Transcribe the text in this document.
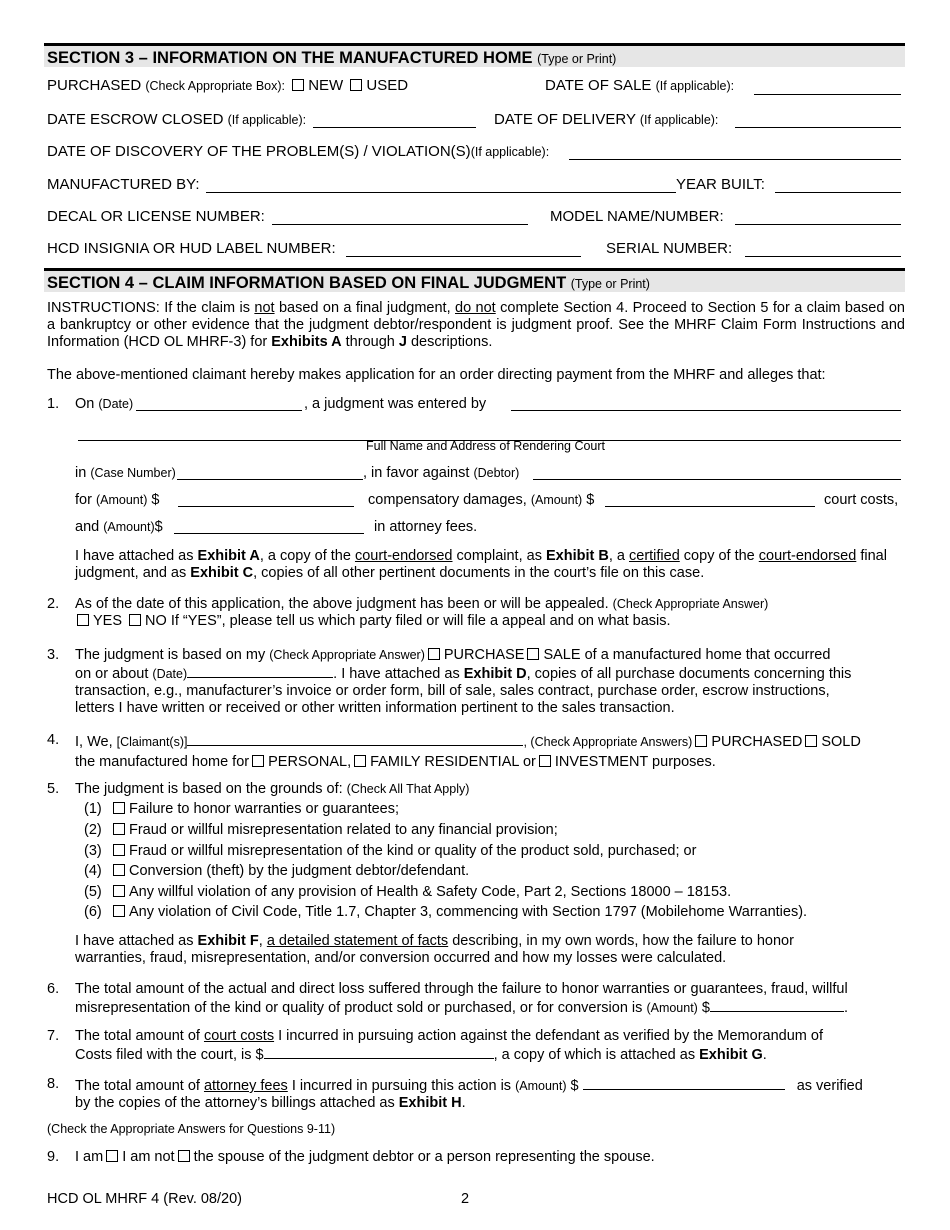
SECTION 3 – INFORMATION ON THE MANUFACTURED HOME (Type or Print)
PURCHASED (Check Appropriate Box): NEW USED	DATE OF SALE (If applicable):
DATE ESCROW CLOSED (If applicable):	DATE OF DELIVERY (If applicable):
DATE OF DISCOVERY OF THE PROBLEM(S) / VIOLATION(S)(If applicable):
MANUFACTURED BY:	YEAR BUILT:
DECAL OR LICENSE NUMBER:	MODEL NAME/NUMBER:
HCD INSIGNIA OR HUD LABEL NUMBER:	SERIAL NUMBER:
SECTION 4 – CLAIM INFORMATION BASED ON FINAL JUDGMENT (Type or Print)
INSTRUCTIONS: If the claim is not based on a final judgment, do not complete Section 4. Proceed to Section 5 for a claim based on a bankruptcy or other evidence that the judgment debtor/respondent is judgment proof. See the MHRF Claim Form Instructions and Information (HCD OL MHRF-3) for Exhibits A through J descriptions.
The above-mentioned claimant hereby makes application for an order directing payment from the MHRF and alleges that:
1. On (Date)	, a judgment was entered by
Full Name and Address of Rendering Court
in (Case Number)	, in favor against (Debtor)
for (Amount) $	compensatory damages, (Amount) $	court costs,
and (Amount)$	in attorney fees.
I have attached as Exhibit A, a copy of the court-endorsed complaint, as Exhibit B, a certified copy of the court-endorsed final judgment, and as Exhibit C, copies of all other pertinent documents in the court’s file on this case.
2. As of the date of this application, the above judgment has been or will be appealed. (Check Appropriate Answer)
YES NO If “YES”, please tell us which party filed or will file a appeal and on what basis.
3. The judgment is based on my (Check Appropriate Answer) PURCHASE SALE of a manufactured home that occurred
on or about (Date)	. I have attached as Exhibit D, copies of all purchase documents concerning this
transaction, e.g., manufacturer’s invoice or order form, bill of sale, sales contract, purchase order, escrow instructions,
letters I have written or received or other written information pertinent to the sales transaction.
4. I, We, [Claimant(s)]	, (Check Appropriate Answers) PURCHASED SOLD
the manufactured home for PERSONAL, FAMILY RESIDENTIAL or INVESTMENT purposes.
5. The judgment is based on the grounds of: (Check All That Apply)
(1) Failure to honor warranties or guarantees;
(2) Fraud or willful misrepresentation related to any financial provision;
(3) Fraud or willful misrepresentation of the kind or quality of the product sold, purchased; or
(4) Conversion (theft) by the judgment debtor/defendant.
(5) Any willful violation of any provision of Health & Safety Code, Part 2, Sections 18000 – 18153.
(6) Any violation of Civil Code, Title 1.7, Chapter 3, commencing with Section 1797 (Mobilehome Warranties).
I have attached as Exhibit F, a detailed statement of facts describing, in my own words, how the failure to honor
warranties, fraud, misrepresentation, and/or conversion occurred and how my losses were calculated.
6. The total amount of the actual and direct loss suffered through the failure to honor warranties or guarantees, fraud, willful
misrepresentation of the kind or quality of product sold or purchased, or for conversion is (Amount) $	.
7. The total amount of court costs I incurred in pursuing action against the defendant as verified by the Memorandum of
Costs filed with the court, is $	, a copy of which is attached as Exhibit G.
8. The total amount of attorney fees I incurred in pursuing this action is (Amount) $	as verified
by the copies of the attorney’s billings attached as Exhibit H.
(Check the Appropriate Answers for Questions 9-11)
9. I am I am not the spouse of the judgment debtor or a person representing the spouse.
HCD OL MHRF 4 (Rev. 08/20)	2
